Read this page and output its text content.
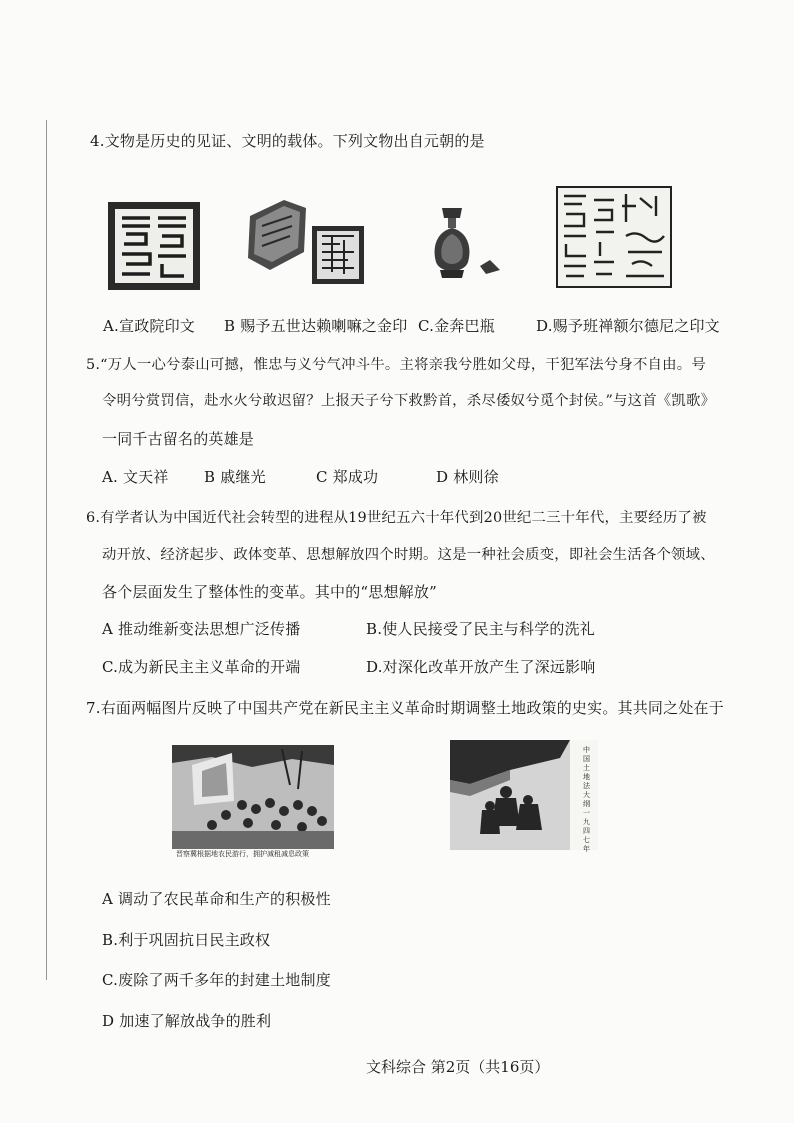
4.文物是历史的见证、文明的载体。下列文物出自元朝的是
A.宣政院印文 B 赐予五世达赖喇嘛之金印 C.金奔巴瓶	D.赐予班禅额尔德尼之印文
5.“万人一心兮泰山可撼，惟忠与义兮气冲斗牛。主将亲我兮胜如父母，干犯军法兮身不自由。号
令明兮赏罚信，赴水火兮敢迟留？上报天子兮下救黔首，杀尽倭奴兮觅个封侯。”与这首《凯歌》
一同千古留名的英雄是
A. 文天祥 B 戚继光	C 郑成功	D 林则徐
6.有学者认为中国近代社会转型的进程从19世纪五六十年代到20世纪二三十年代，主要经历了被
动开放、经济起步、政体变革、思想解放四个时期。这是一种社会质变，即社会生活各个领域、
各个层面发生了整体性的变革。其中的“思想解放”
A 推动维新变法思想广泛传播	B.使人民接受了民主与科学的洗礼
C.成为新民主主义革命的开端	D.对深化改革开放产生了深远影响
7.右面两幅图片反映了中国共产党在新民主主义革命时期调整土地政策的史实。其共同之处在于
晋察冀根据地农民游行，拥护减租减息政策
中国土地法大纲 一九四七年
A 调动了农民革命和生产的积极性
B.利于巩固抗日民主政权
C.废除了两千多年的封建土地制度
D 加速了解放战争的胜利
文科综合 第2页（共16页）
